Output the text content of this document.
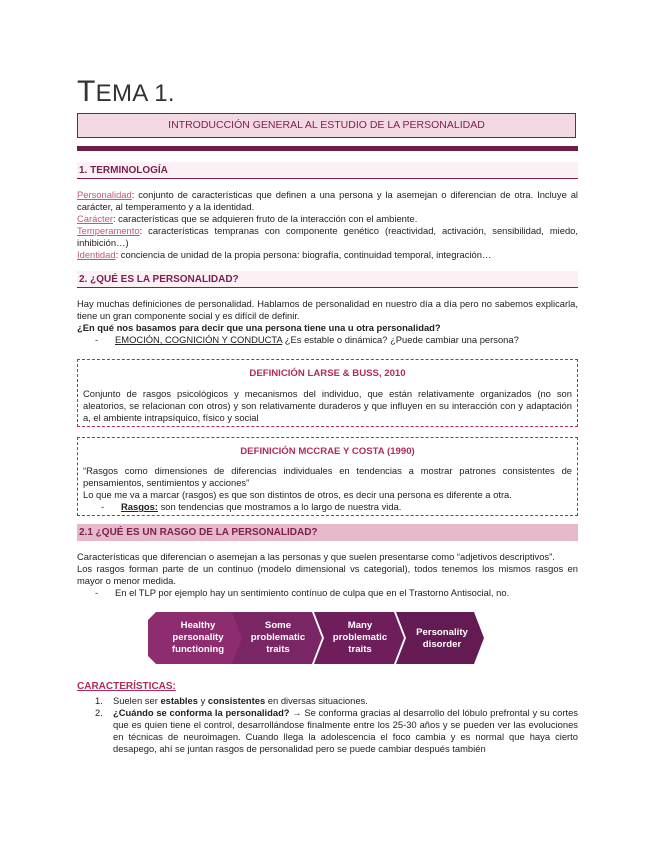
TEMA 1.
INTRODUCCIÓN GENERAL AL ESTUDIO DE LA PERSONALIDAD
1. TERMINOLOGÍA
Personalidad: conjunto de características que definen a una persona y la asemejan o diferencian de otra. Incluye al carácter, al temperamento y a la identidad.
Carácter: características que se adquieren fruto de la interacción con el ambiente.
Temperamento: características tempranas con componente genético (reactividad, activación, sensibilidad, miedo, inhibición…)
Identidad: conciencia de unidad de la propia persona: biografía, continuidad temporal, integración…
2. ¿QUÉ ES LA PERSONALIDAD?
Hay muchas definiciones de personalidad. Hablamos de personalidad en nuestro día a día pero no sabemos explicarla, tiene un gran componente social y es difícil de definir.
¿En qué nos basamos para decir que una persona tiene una u otra personalidad?
- EMOCIÓN, COGNICIÓN Y CONDUCTA ¿Es estable o dinámica? ¿Puede cambiar una persona?
DEFINICIÓN LARSE & BUSS, 2010
Conjunto de rasgos psicológicos y mecanismos del individuo, que están relativamente organizados (no son aleatorios, se relacionan con otros) y son relativamente duraderos y que influyen en su interacción con y adaptación a, el ambiente intrapsíquico, físico y social
DEFINICIÓN MCCRAE Y COSTA (1990)
“Rasgos como dimensiones de diferencias individuales en tendencias a mostrar patrones consistentes de pensamientos, sentimientos y acciones”
Lo que me va a marcar (rasgos) es que son distintos de otros, es decir una persona es diferente a otra.
- Rasgos: son tendencias que mostramos a lo largo de nuestra vida.
2.1 ¿QUÉ ES UN RASGO DE LA PERSONALIDAD?
Características que diferencian o asemejan a las personas y que suelen presentarse como “adjetivos descriptivos”.
Los rasgos forman parte de un continuo (modelo dimensional vs categorial), todos tenemos los mismos rasgos en mayor o menor medida.
- En el TLP por ejemplo hay un sentimiento contínuo de culpa que en el Trastorno Antisocial, no.
Healthy
personality
functioning
Some
problematic
traits
Many
problematic
traits
Personality
disorder
CARACTERÍSTICAS:
1. Suelen ser estables y consistentes en diversas situaciones.
2.	¿Cuándo se conforma la personalidad? → Se conforma gracias al desarrollo del lóbulo prefrontal y su cortes que es quien tiene el control, desarrollándose finalmente entre los 25-30 años y se pueden ver las evoluciones en técnicas de neuroimagen. Cuando llega la adolescencia el foco cambia y es normal que haya cierto desapego, ahí se juntan rasgos de personalidad pero se puede cambiar después también
